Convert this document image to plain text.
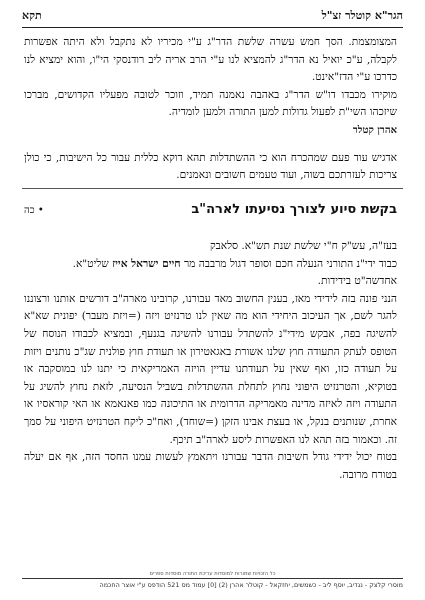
הגר"א קוטלר זצ"ל
תקא

המצומצמת. הסך חמש עשרה שלשת הדר"ג ע"י מכיריו לא נתקבל ולא היתה אפשרות לקבלה, ע"כ יואיל נא הדר"ג להמציא לנו ע"י הרב אריה ליב רודנסקי הי"ו, והוא ימציא לנו כדרכו ע"י הדז"אינט.

מוקירו מכבדו דו"ש הדר"ג באהבה נאמנה תמיד, וזוכר לטובה מפעליו הקדושים, מברכו שיזכהו השי"ת לפעול גדולות למען התורה ולמען לומדיה.

אהרן קטלר

אדגיש עוד פעם שמהכרח הוא כי ההשתדלות תהא דוקא כללית עבור כל הישיבות, כי כולן צריכות לעזרתכם בשוה, ועוד טעמים חשובים ונאמנים.

בקשת סיוע לצורך נסיעתו לארה"ב
• כה

בעז"ה, עש"ק ח"י שלשת שנת תש"א. סלאבק

כבוד ידי"נ התורני הנעלה חכם וסופר דגול מרבבה מר חיים ישראל אייז שליט"א.

אחדשה"ט בידידות.

הנני פונה בזה לידידי מאז, בענין החשוב מאד עבורנו, קרובינו מארה"ב דורשים אותנו ורצוננו להגר לשם, אך העיכוב היחידי הוא מה שאין לנו טרנזיט ויזה (=ויזת מעבר) יפונית שא"א להשיגה בפה, אבקש מידי"נ להשתדל עבורנו להשיגה בגנעף, ובמציא לכבודו הנוסח של הטופס לעתק התעודה חוץ שלנו אשורת באגאטירון או תעודת חוץ פולנית שג"כ נותנים ויזות על תעודה כזו, ואף שאין על תעודתנו עדיין הויזה האמריקאית כי יתנו לנו במוסקבה או בטוקיא, והטרנזיט היפוני נחוץ לתחלת ההשתדלות בשביל הנסיעה, לזאת נחוץ להשיג על התעודה ויזה לאיזה מדינה מאמריקה הדרומית או התיכונה כמו פאנאמא או האי קוראסיו או אחרת, שנותנים בנקל, או בעצת אבינו הזקן (=שוחד), ואח"כ ליקח הטרנזיט היפוני על סמך זה. וכאמור בזה תהא לנו האפשרות ליסע לארה"ב תיכף.

בטוח יכול ידידי גודל חשיבות הדבר עבורנו ויתאמץ לעשות עמנו החסד הזה, אף אם יעלה בטורח מרובה.

כל הזכויות שמורות למוסדות עריכת התורה מוסדות ספרים
מוסרי קלצק - נגדיב, יוסף ליב - כשמשים, יחזקאל - קוטלר אהרן (2) [0] עמוד מס 521 הודפס ע"י אוצר החכמה
